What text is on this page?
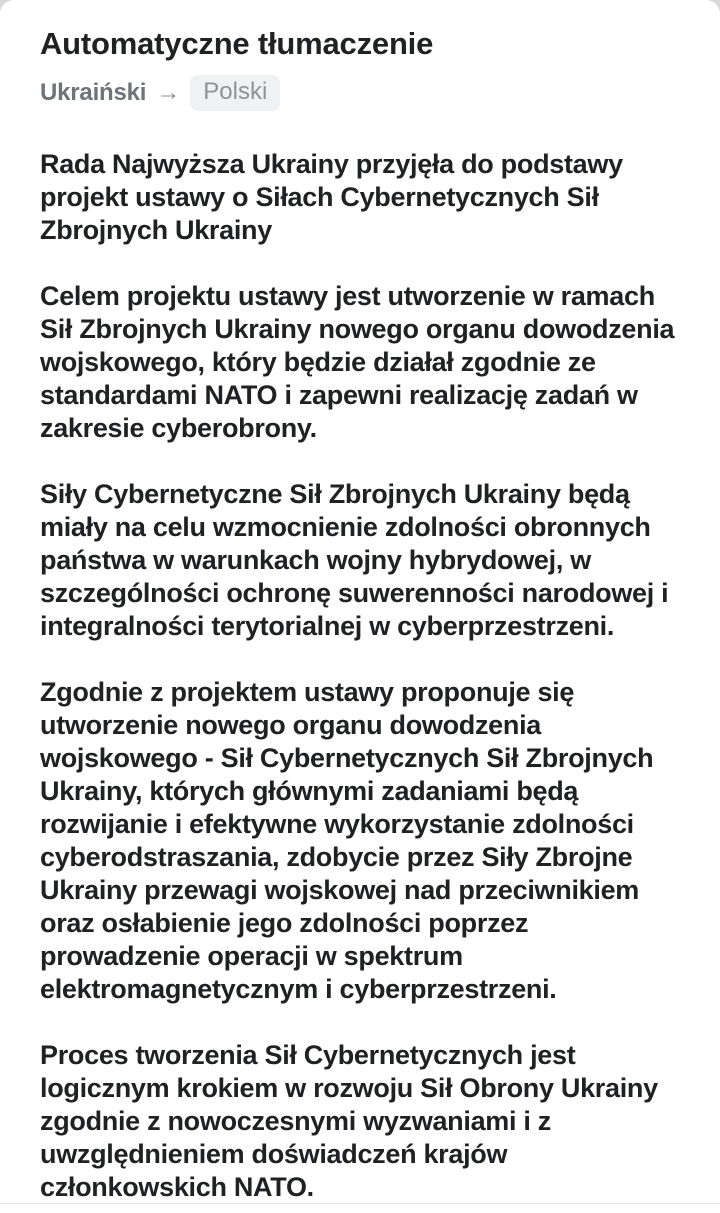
Automatyczne tłumaczenie
Ukraiński → Polski

Rada Najwyższa Ukrainy przyjęła do podstawy projekt ustawy o Siłach Cybernetycznych Sił Zbrojnych Ukrainy

Celem projektu ustawy jest utworzenie w ramach Sił Zbrojnych Ukrainy nowego organu dowodzenia wojskowego, który będzie działał zgodnie ze standardami NATO i zapewni realizację zadań w zakresie cyberobrony.

Siły Cybernetyczne Sił Zbrojnych Ukrainy będą miały na celu wzmocnienie zdolności obronnych państwa w warunkach wojny hybrydowej, w szczególności ochronę suwerenności narodowej i integralności terytorialnej w cyberprzestrzeni.

Zgodnie z projektem ustawy proponuje się utworzenie nowego organu dowodzenia wojskowego - Sił Cybernetycznych Sił Zbrojnych Ukrainy, których głównymi zadaniami będą rozwijanie i efektywne wykorzystanie zdolności cyberodstraszania, zdobycie przez Siły Zbrojne Ukrainy przewagi wojskowej nad przeciwnikiem oraz osłabienie jego zdolności poprzez prowadzenie operacji w spektrum elektromagnetycznym i cyberprzestrzeni.

Proces tworzenia Sił Cybernetycznych jest logicznym krokiem w rozwoju Sił Obrony Ukrainy zgodnie z nowoczesnymi wyzwaniami i z uwzględnieniem doświadczeń krajów członkowskich NATO.
